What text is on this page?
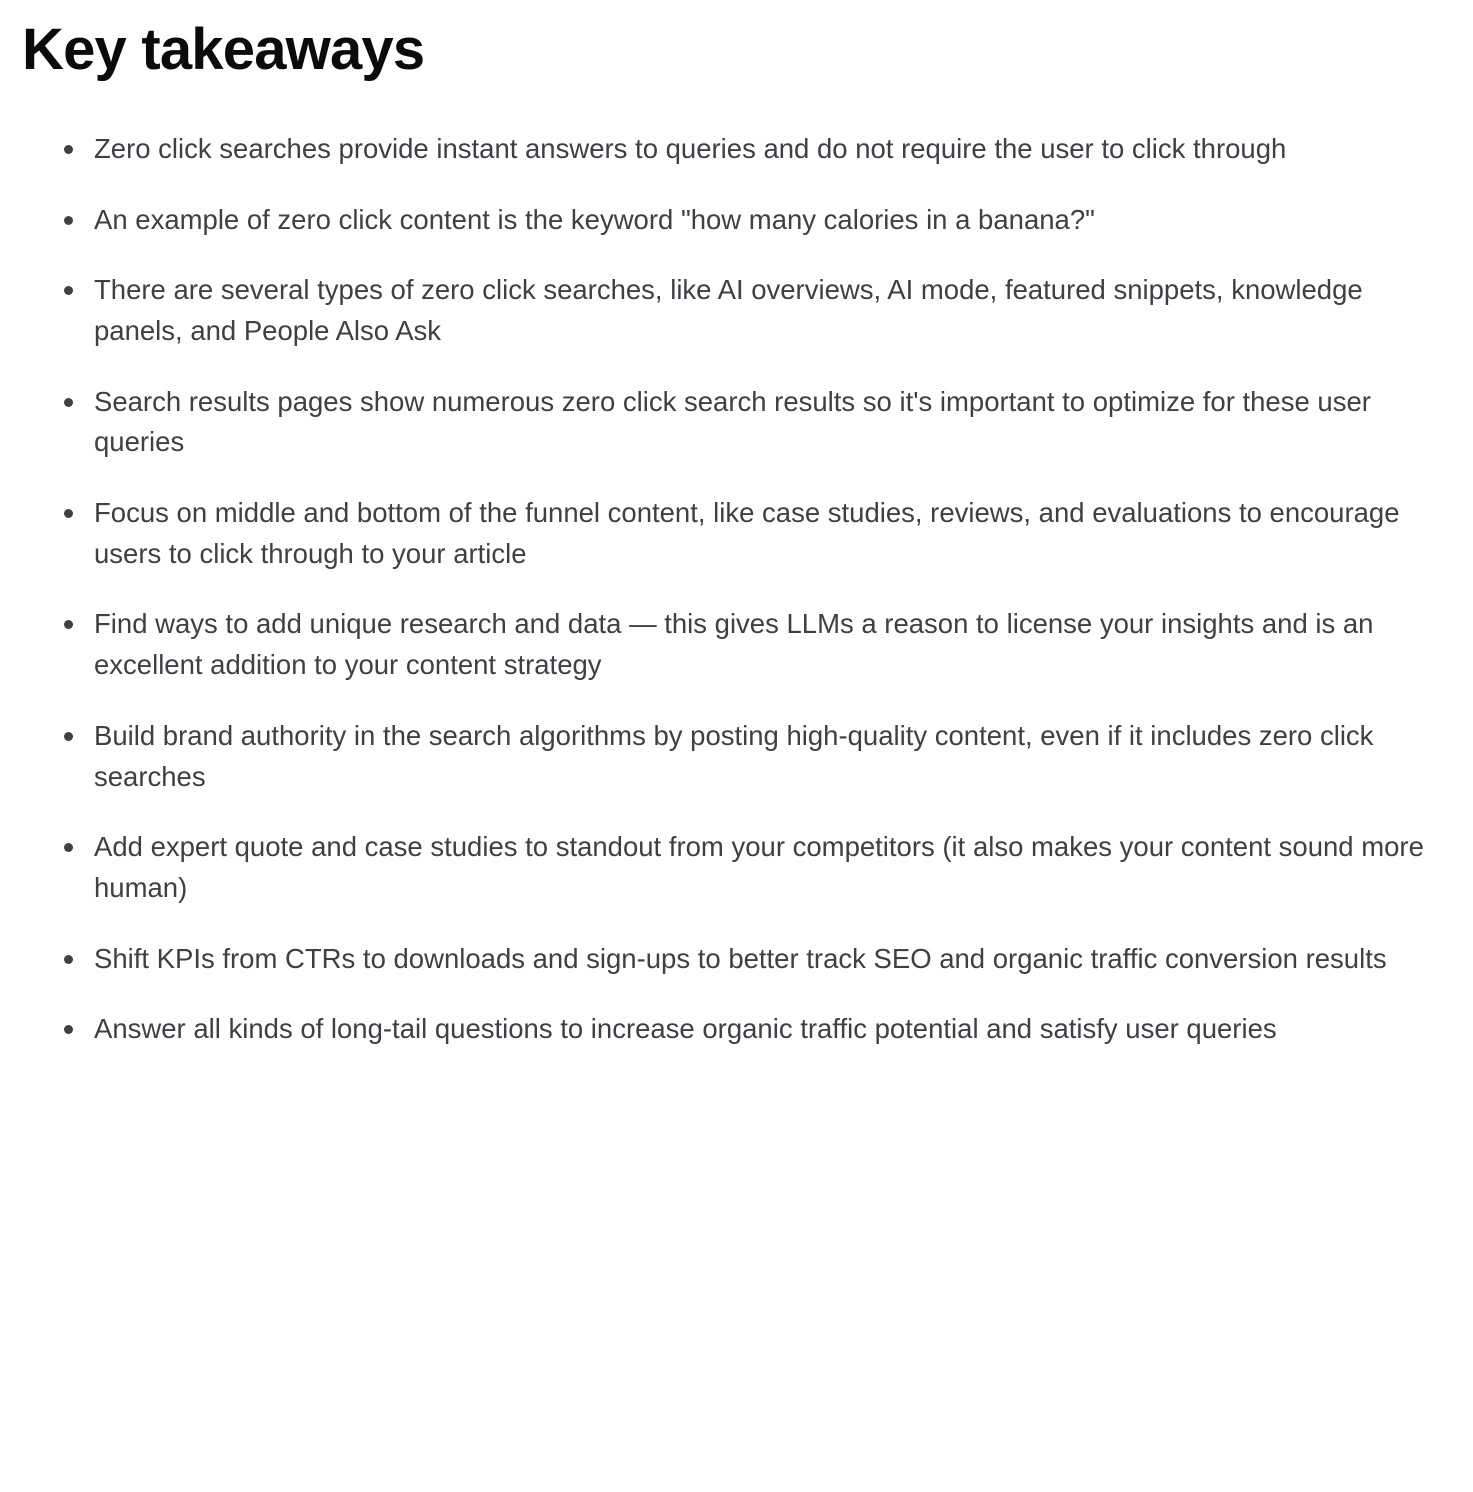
Key takeaways
Zero click searches provide instant answers to queries and do not require the user to click through
An example of zero click content is the keyword "how many calories in a banana?"
There are several types of zero click searches, like AI overviews, AI mode, featured snippets, knowledge panels, and People Also Ask
Search results pages show numerous zero click search results so it's important to optimize for these user queries
Focus on middle and bottom of the funnel content, like case studies, reviews, and evaluations to encourage users to click through to your article
Find ways to add unique research and data — this gives LLMs a reason to license your insights and is an excellent addition to your content strategy
Build brand authority in the search algorithms by posting high-quality content, even if it includes zero click searches
Add expert quote and case studies to standout from your competitors (it also makes your content sound more human)
Shift KPIs from CTRs to downloads and sign-ups to better track SEO and organic traffic conversion results
Answer all kinds of long-tail questions to increase organic traffic potential and satisfy user queries
